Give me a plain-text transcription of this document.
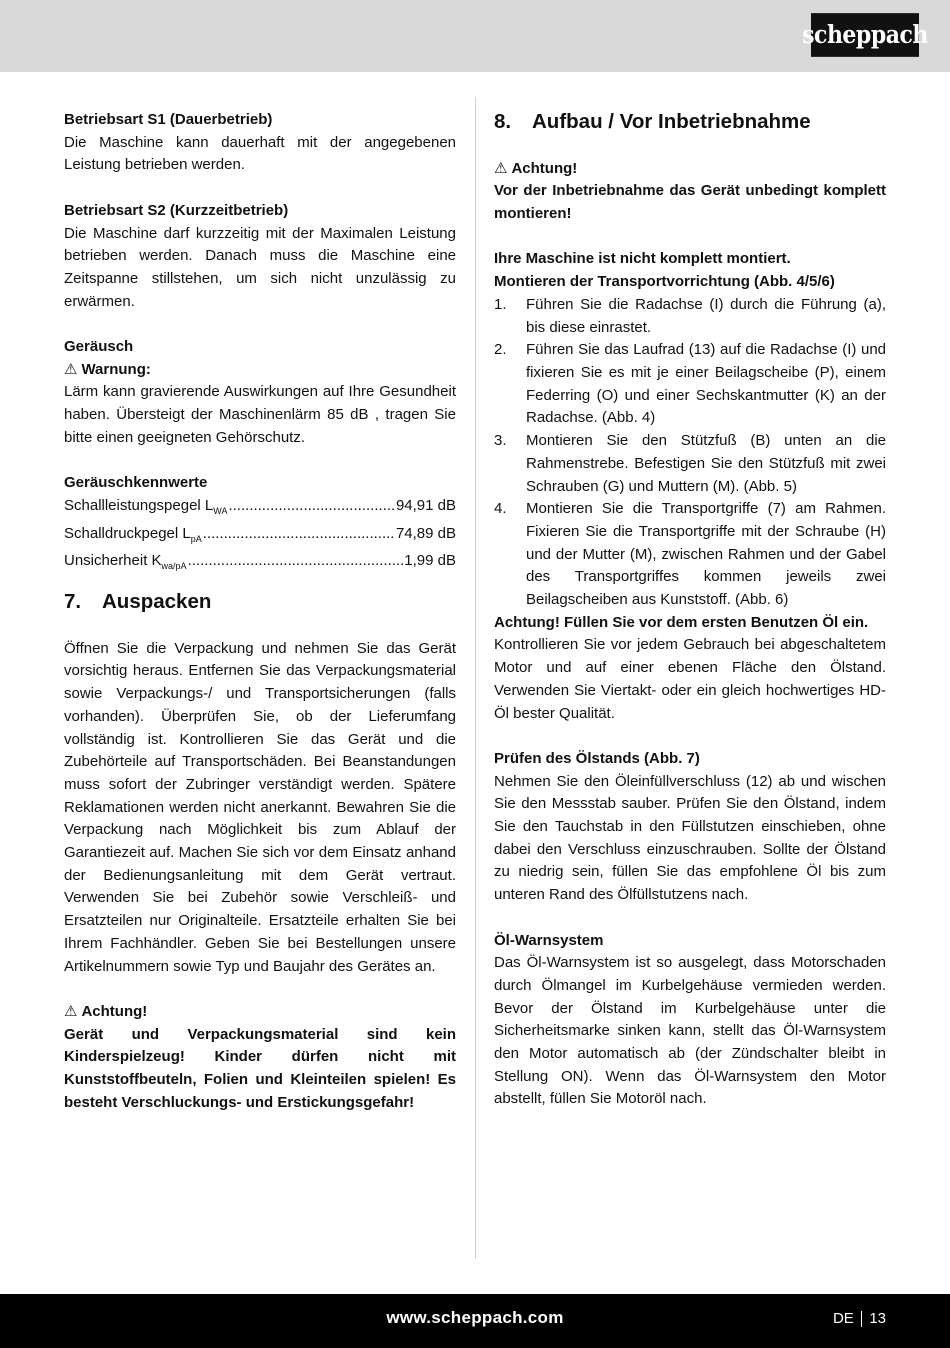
scheppach

Betriebsart S1 (Dauerbetrieb)

Die Maschine kann dauerhaft mit der angegebenen Leistung betrieben werden.

Betriebsart S2 (Kurzzeitbetrieb)

Die Maschine darf kurzzeitig mit der Maximalen Leistung betrieben werden. Danach muss die Maschine eine Zeitspanne stillstehen, um sich nicht unzulässig zu erwärmen.

Geräusch

⚠ Warnung:

Lärm kann gravierende Auswirkungen auf Ihre Gesundheit haben. Übersteigt der Maschinenlärm 85 dB , tragen Sie bitte einen geeigneten Gehörschutz.

Geräuschkennwerte

Schallleistungspegel $L_{WA}$ .....	94,91 dB
Schalldruckpegel $L_{pA}$ .....	74,89 dB
Unsicherheit $K_{wa/pA}$ .....	1,99 dB
7.	Auspacken

Öffnen Sie die Verpackung und nehmen Sie das Gerät vorsichtig heraus. Entfernen Sie das Verpackungsmaterial sowie Verpackungs-/ und Transportsicherungen (falls vorhanden). Überprüfen Sie, ob der Lieferumfang vollständig ist. Kontrollieren Sie das Gerät und die Zubehörteile auf Transportschäden. Bei Beanstandungen muss sofort der Zubringer verständigt werden. Spätere Reklamationen werden nicht anerkannt. Bewahren Sie die Verpackung nach Möglichkeit bis zum Ablauf der Garantiezeit auf. Machen Sie sich vor dem Einsatz anhand der Bedienungsanleitung mit dem Gerät vertraut. Verwenden Sie bei Zubehör sowie Verschleiß- und Ersatzteilen nur Originalteile. Ersatzteile erhalten Sie bei Ihrem Fachhändler. Geben Sie bei Bestellungen unsere Artikelnummern sowie Typ und Baujahr des Gerätes an.

⚠ Achtung!

Gerät und Verpackungsmaterial sind kein Kinderspielzeug! Kinder dürfen nicht mit Kunststoffbeuteln, Folien und Kleinteilen spielen! Es besteht Verschluckungs- und Erstickungsgefahr!

8.	Aufbau / Vor Inbetriebnahme

⚠ Achtung!

Vor der Inbetriebnahme das Gerät unbedingt komplett montieren!

Ihre Maschine ist nicht komplett montiert.

Montieren der Transportvorrichtung (Abb. 4/5/6)

1.	Führen Sie die Radachse (I) durch die Führung (a), bis diese einrastet.
2.	Führen Sie das Laufrad (13) auf die Radachse (I) und fixieren Sie es mit je einer Beilagscheibe (P), einem Federring (O) und einer Sechskantmutter (K) an der Radachse. (Abb. 4)
3.	Montieren Sie den Stützfuß (B) unten an die Rahmenstrebe. Befestigen Sie den Stützfuß mit zwei Schrauben (G) und Muttern (M). (Abb. 5)
4.	Montieren Sie die Transportgriffe (7) am Rahmen. Fixieren Sie die Transportgriffe mit der Schraube (H) und der Mutter (M), zwischen Rahmen und der Gabel des Transportgriffes kommen jeweils zwei Beilagscheiben aus Kunststoff. (Abb. 6)

Achtung! Füllen Sie vor dem ersten Benutzen Öl ein.

Kontrollieren Sie vor jedem Gebrauch bei abgeschaltetem Motor und auf einer ebenen Fläche den Ölstand. Verwenden Sie Viertakt- oder ein gleich hochwertiges HD-Öl bester Qualität.

Prüfen des Ölstands (Abb. 7)

Nehmen Sie den Öleinfüllverschluss (12) ab und wischen Sie den Messstab sauber. Prüfen Sie den Ölstand, indem Sie den Tauchstab in den Füllstutzen einschieben, ohne dabei den Verschluss einzuschrauben. Sollte der Ölstand zu niedrig sein, füllen Sie das empfohlene Öl bis zum unteren Rand des Ölfüllstutzens nach.

Öl-Warnsystem

Das Öl-Warnsystem ist so ausgelegt, dass Motorschaden durch Ölmangel im Kurbelgehäuse vermieden werden. Bevor der Ölstand im Kurbelgehäuse unter die Sicherheitsmarke sinken kann, stellt das Öl-Warnsystem den Motor automatisch ab (der Zündschalter bleibt in Stellung ON). Wenn das Öl-Warnsystem den Motor abstellt, füllen Sie Motoröl nach.

www.scheppach.com	DE 13
